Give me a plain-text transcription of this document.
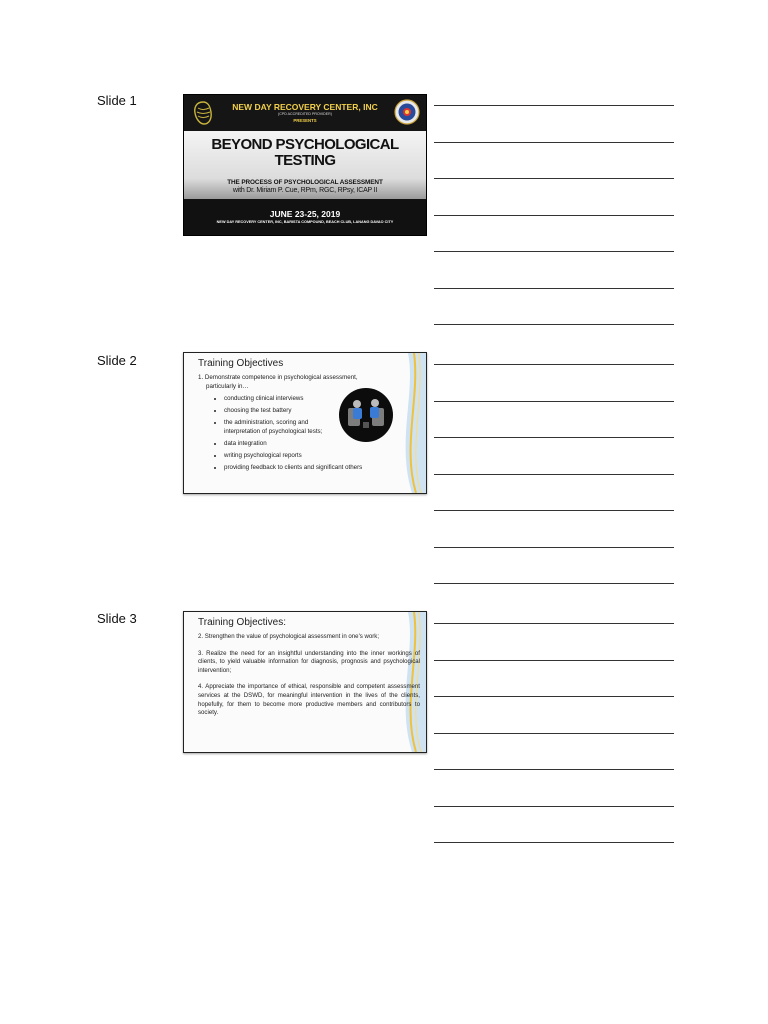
Slide 1
Slide 2
Slide 3
NEW DAY RECOVERY CENTER, INC
(CPD ACCREDITED PROVIDER)
PRESENTS
BEYOND PSYCHOLOGICAL
TESTING
THE PROCESS OF PSYCHOLOGICAL ASSESSMENT
with Dr. Miriam P. Cue, RPm, RGC, RPsy, ICAP II
JUNE 23-25, 2019
NEW DAY RECOVERY CENTER, INC, BARISTA COMPOUND, BEACH CLUB, LANANG DAVAO CITY
Training Objectives
1. Demonstrate competence in psychological assessment,
particularly in…
• conducting clinical interviews
• choosing the test battery
• the administration, scoring and
interpretation of psychological tests;
• data integration
• writing psychological reports
• providing feedback to clients and significant others
Training Objectives:

2. Strengthen the value of psychological assessment in one's work;

3. Realize the need for an insightful understanding into the inner workings of clients, to yield valuable information for diagnosis, prognosis and psychological intervention;

4. Appreciate the importance of ethical, responsible and competent assessment services at the DSWD, for meaningful intervention in the lives of the clients, hopefully, for them to become more productive members and contributors to society.
